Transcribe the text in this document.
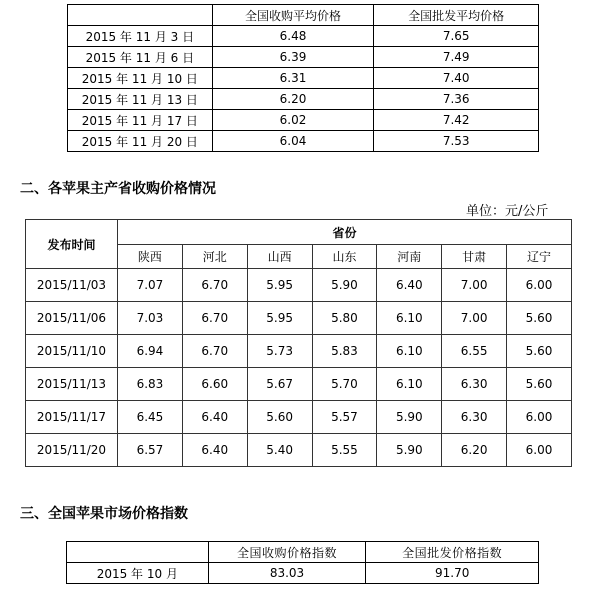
	全国收购平均价格	全国批发平均价格
2015 年 11 月 3 日	6.48	7.65
2015 年 11 月 6 日	6.39	7.49
2015 年 11 月 10 日	6.31	7.40
2015 年 11 月 13 日	6.20	7.36
2015 年 11 月 17 日	6.02	7.42
2015 年 11 月 20 日	6.04	7.53
二、各苹果主产省收购价格情况
单位：元/公斤
发布时间	省份						
	陕西	河北	山西	山东	河南	甘肃	辽宁
2015/11/03	7.07	6.70	5.95	5.90	6.40	7.00	6.00
2015/11/06	7.03	6.70	5.95	5.80	6.10	7.00	5.60
2015/11/10	6.94	6.70	5.73	5.83	6.10	6.55	5.60
2015/11/13	6.83	6.60	5.67	5.70	6.10	6.30	5.60
2015/11/17	6.45	6.40	5.60	5.57	5.90	6.30	6.00
2015/11/20	6.57	6.40	5.40	5.55	5.90	6.20	6.00
三、全国苹果市场价格指数
	全国收购价格指数	全国批发价格指数
2015 年 10 月	83.03	91.70
